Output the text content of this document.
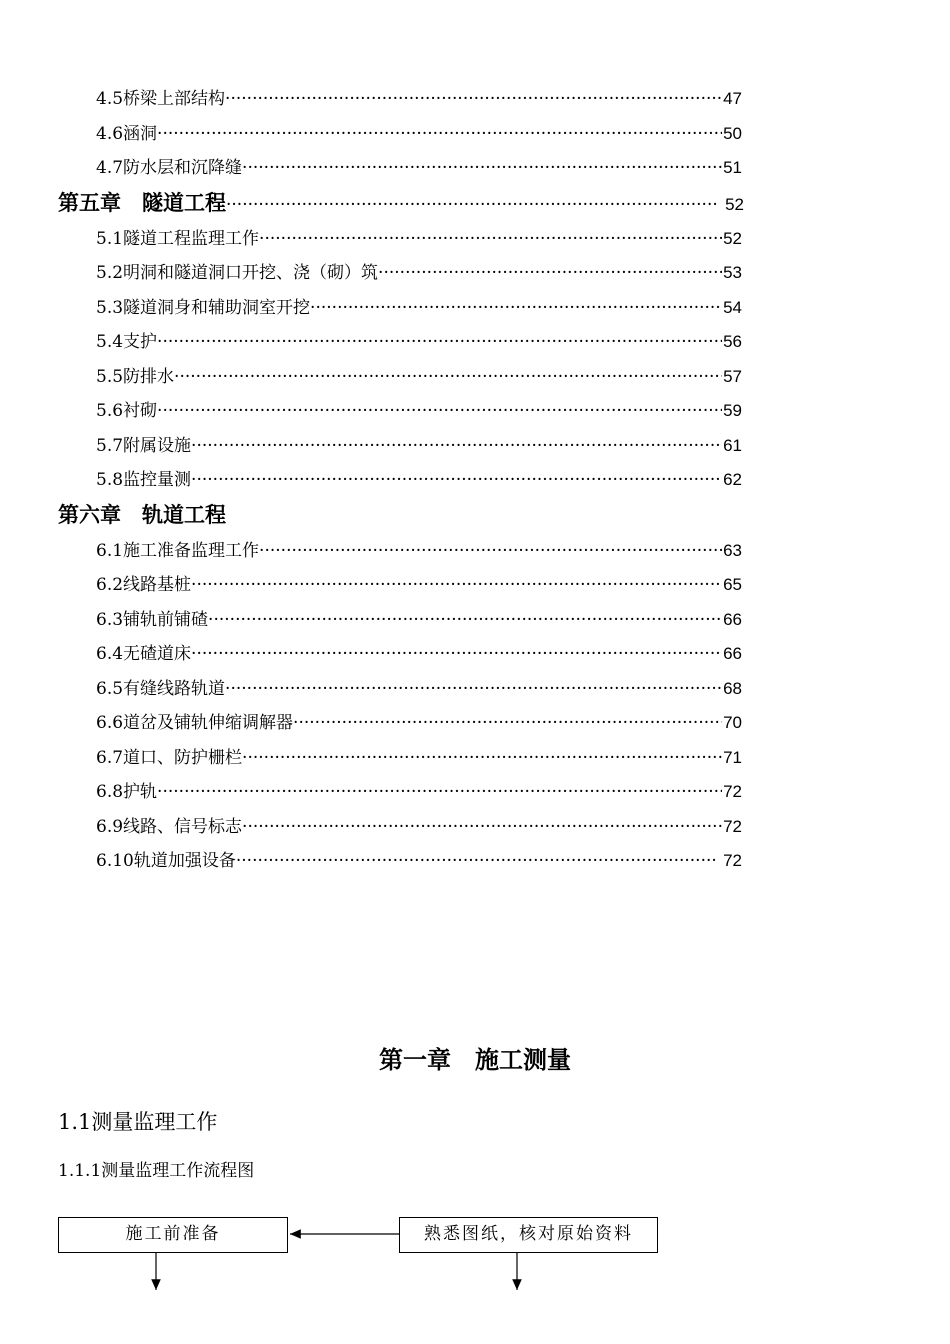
4.5桥梁上部结构 ·····	47
4.6涵洞 ·····	50
4.7防水层和沉降缝 ·····	51
第五章　隧道工程 ·····	52
5.1隧道工程监理工作 ·····	52
5.2明洞和隧道洞口开挖、浇（砌）筑 ·····	53
5.3隧道洞身和辅助洞室开挖 ·····	54
5.4支护 ·····	56
5.5防排水 ·····	57
5.6衬砌 ·····	59
5.7附属设施 ·····	61
5.8监控量测 ·····	62
第六章　轨道工程
6.1施工准备监理工作 ·····	63
6.2线路基桩 ·····	65
6.3铺轨前铺碴 ·····	66
6.4无碴道床 ·····	66
6.5有缝线路轨道 ·····	68
6.6道岔及铺轨伸缩调解器 ·····	70
6.7道口、防护栅栏 ·····	71
6.8护轨 ·····	72
6.9线路、信号标志 ·····	72
6.10轨道加强设备 ·····	72
第一章　施工测量
1.1测量监理工作
1.1.1测量监理工作流程图
施工前准备	熟悉图纸，核对原始资料
